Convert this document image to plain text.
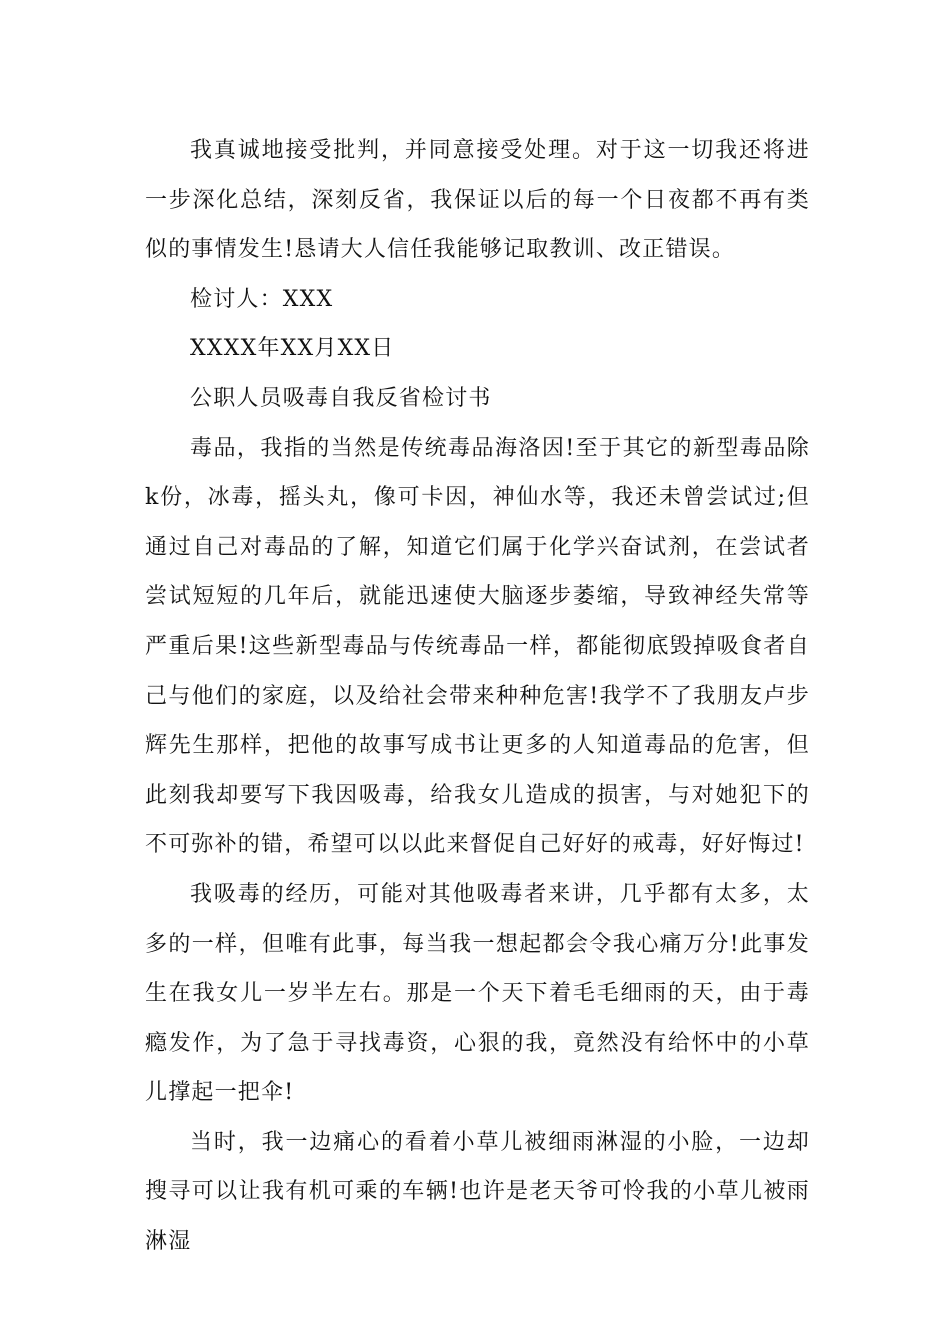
我真诚地接受批判，并同意接受处理。对于这一切我还将进一步深化总结，深刻反省，我保证以后的每一个日夜都不再有类似的事情发生!恳请大人信任我能够记取教训、改正错误。

检讨人：XXX

XXXX年XX月XX日

公职人员吸毒自我反省检讨书

毒品，我指的当然是传统毒品海洛因!至于其它的新型毒品除k份，冰毒，摇头丸，像可卡因，神仙水等，我还未曾尝试过;但通过自己对毒品的了解，知道它们属于化学兴奋试剂，在尝试者尝试短短的几年后，就能迅速使大脑逐步萎缩，导致神经失常等严重后果!这些新型毒品与传统毒品一样，都能彻底毁掉吸食者自己与他们的家庭，以及给社会带来种种危害!我学不了我朋友卢步辉先生那样，把他的故事写成书让更多的人知道毒品的危害，但此刻我却要写下我因吸毒，给我女儿造成的损害，与对她犯下的不可弥补的错，希望可以以此来督促自己好好的戒毒，好好悔过!

我吸毒的经历，可能对其他吸毒者来讲，几乎都有太多，太多的一样，但唯有此事，每当我一想起都会令我心痛万分!此事发生在我女儿一岁半左右。那是一个天下着毛毛细雨的天，由于毒瘾发作，为了急于寻找毒资，心狠的我，竟然没有给怀中的小草儿撑起一把伞!

当时，我一边痛心的看着小草儿被细雨淋湿的小脸，一边却搜寻可以让我有机可乘的车辆!也许是老天爷可怜我的小草儿被雨淋湿
